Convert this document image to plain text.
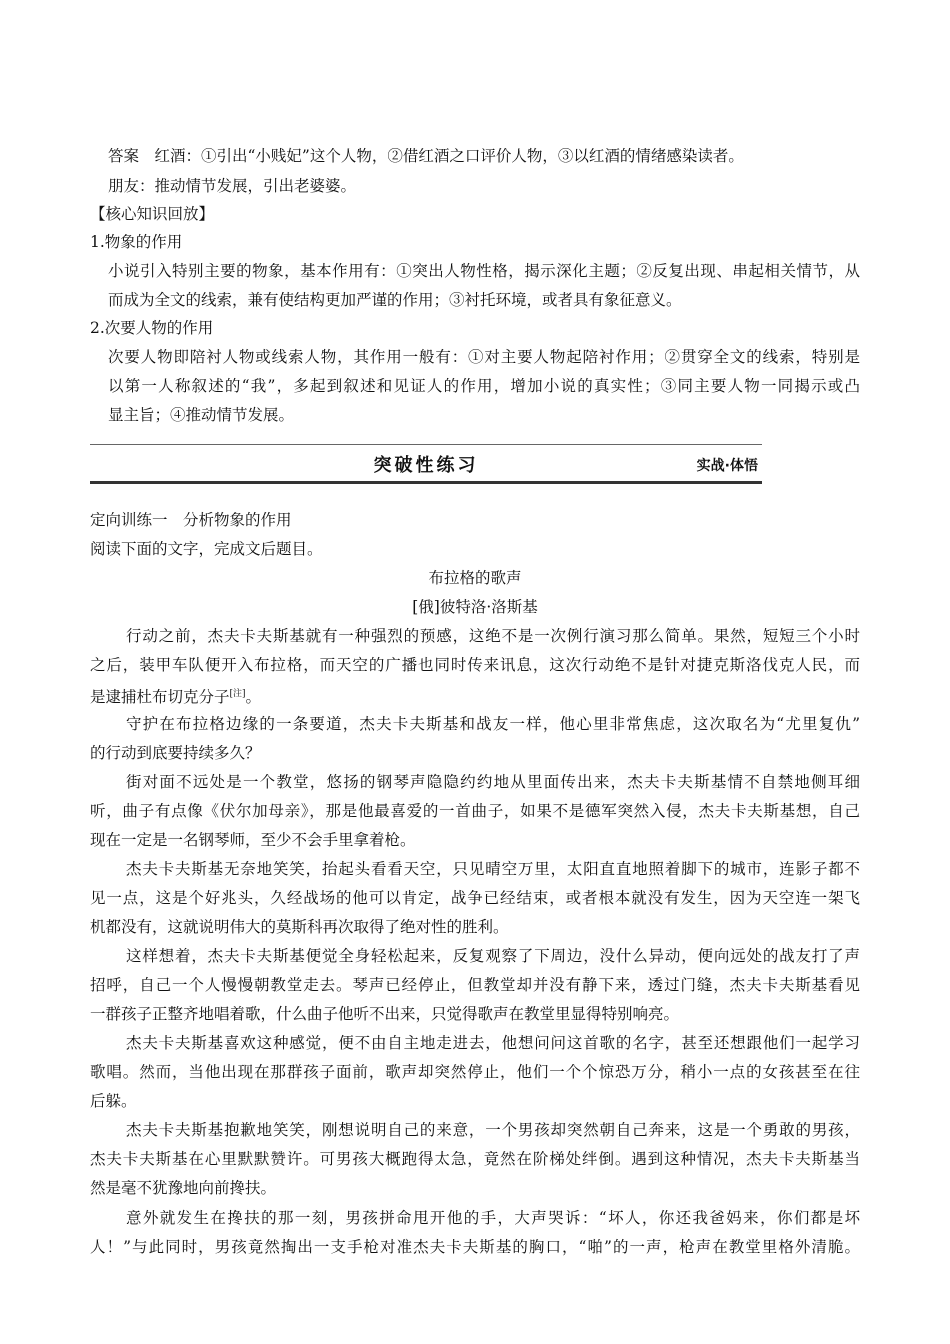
答案　红酒：①引出“小贱妃”这个人物，②借红酒之口评价人物，③以红酒的情绪感染读者。
朋友：推动情节发展，引出老婆婆。
【核心知识回放】
1.物象的作用
小说引入特别主要的物象，基本作用有：①突出人物性格，揭示深化主题；②反复出现、串起相关情节，从
而成为全文的线索，兼有使结构更加严谨的作用；③衬托环境，或者具有象征意义。
2.次要人物的作用
次要人物即陪衬人物或线索人物，其作用一般有：①对主要人物起陪衬作用；②贯穿全文的线索，特别是
以第一人称叙述的“我”，多起到叙述和见证人的作用，增加小说的真实性；③同主要人物一同揭示或凸
显主旨；④推动情节发展。
突破性练习	实战·体悟
定向训练一　分析物象的作用
阅读下面的文字，完成文后题目。
布拉格的歌声
[俄]彼特洛·洛斯基
行动之前，杰夫卡夫斯基就有一种强烈的预感，这绝不是一次例行演习那么简单。果然，短短三个小时
之后，装甲车队便开入布拉格，而天空的广播也同时传来讯息，这次行动绝不是针对捷克斯洛伐克人民，而
是逮捕杜布切克分子[注]。
守护在布拉格边缘的一条要道，杰夫卡夫斯基和战友一样，他心里非常焦虑，这次取名为“尤里复仇”
的行动到底要持续多久？
街对面不远处是一个教堂，悠扬的钢琴声隐隐约约地从里面传出来，杰夫卡夫斯基情不自禁地侧耳细
听，曲子有点像《伏尔加母亲》，那是他最喜爱的一首曲子，如果不是德军突然入侵，杰夫卡夫斯基想，自己
现在一定是一名钢琴师，至少不会手里拿着枪。
杰夫卡夫斯基无奈地笑笑，抬起头看看天空，只见晴空万里，太阳直直地照着脚下的城市，连影子都不
见一点，这是个好兆头，久经战场的他可以肯定，战争已经结束，或者根本就没有发生，因为天空连一架飞
机都没有，这就说明伟大的莫斯科再次取得了绝对性的胜利。
这样想着，杰夫卡夫斯基便觉全身轻松起来，反复观察了下周边，没什么异动，便向远处的战友打了声
招呼，自己一个人慢慢朝教堂走去。琴声已经停止，但教堂却并没有静下来，透过门缝，杰夫卡夫斯基看见
一群孩子正整齐地唱着歌，什么曲子他听不出来，只觉得歌声在教堂里显得特别响亮。
杰夫卡夫斯基喜欢这种感觉，便不由自主地走进去，他想问问这首歌的名字，甚至还想跟他们一起学习
歌唱。然而，当他出现在那群孩子面前，歌声却突然停止，他们一个个惊恐万分，稍小一点的女孩甚至在往
后躲。
杰夫卡夫斯基抱歉地笑笑，刚想说明自己的来意，一个男孩却突然朝自己奔来，这是一个勇敢的男孩，
杰夫卡夫斯基在心里默默赞许。可男孩大概跑得太急，竟然在阶梯处绊倒。遇到这种情况，杰夫卡夫斯基当
然是毫不犹豫地向前搀扶。
意外就发生在搀扶的那一刻，男孩拼命甩开他的手，大声哭诉：“坏人，你还我爸妈来，你们都是坏
人！”与此同时，男孩竟然掏出一支手枪对准杰夫卡夫斯基的胸口，“啪”的一声，枪声在教堂里格外清脆。
